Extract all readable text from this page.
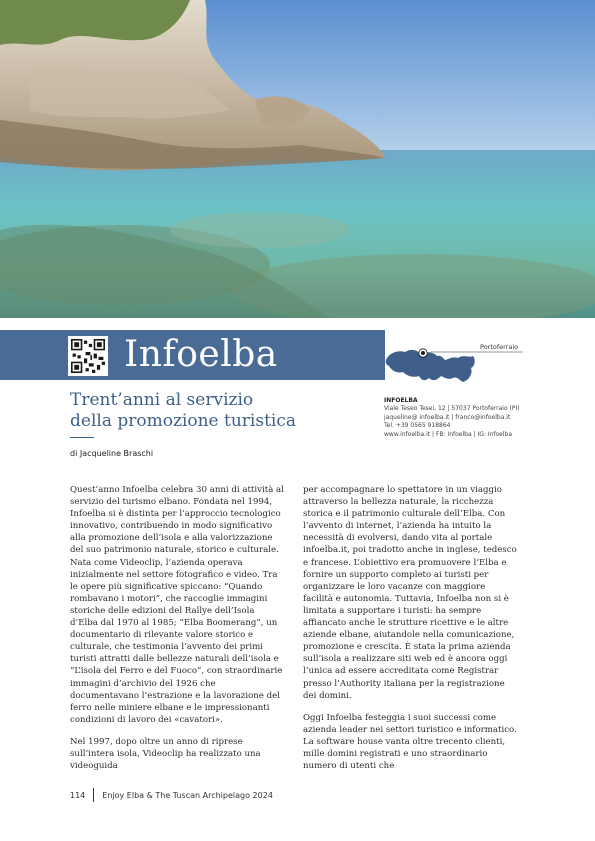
Infoelba
Trent’anni al servizio
della promozione turistica
di Jacqueline Braschi
Portoferraio
INFOELBA
Viale Teseo Tesei, 12 | 57037 Portoferraio (PI)
jaqueline@ infoelba.it | franco@infoelba.it
Tel. +39 0565 918864
www.infoelba.it | FB: Infoelba | IG: Infoelba

Quest’anno Infoelba celebra 30 anni di attività al servizio del turismo elbano. Fondata nel 1994, Infoelba si è distinta per l’approccio tecnologico innovativo, contribuendo in modo significativo alla promozione dell’isola e alla valorizzazione del suo patrimonio naturale, storico e culturale. Nata come Videoclip, l’azienda operava inizialmente nel settore fotografico e video. Tra le opere più significative spiccano: “Quando rombavano i motori”, che raccoglie immagini storiche delle edizioni del Rallye dell’Isola d’Elba dal 1970 al 1985; “Elba Boomerang”, un documentario di rilevante valore storico e culturale, che testimonia l’avvento dei primi turisti attratti dalle bellezze naturali dell’isola e “L’isola del Ferro e del Fuoco”, con straordinarie immagini d’archivio del 1926 che documentavano l’estrazione e la lavorazione del ferro nelle miniere elbane e le impressionanti condizioni di lavoro dei «cavatori».

Nel 1997, dopo oltre un anno di riprese sull’intera isola, Videoclip ha realizzato una videoguida

per accompagnare lo spettatore in un viaggio attraverso la bellezza naturale, la ricchezza storica e il patrimonio culturale dell’Elba. Con l’avvento di internet, l’azienda ha intuito la necessità di evolversi, dando vita al portale infoelba.it, poi tradotto anche in inglese, tedesco e francese. L’obiettivo era promuovere l’Elba e fornire un supporto completo ai turisti per organizzare le loro vacanze con maggiore facilità e autonomia. Tuttavia, Infoelba non si è limitata a supportare i turisti: ha sempre affiancato anche le strutture ricettive e le altre aziende elbane, aiutandole nella comunicazione, promozione e crescita. È stata la prima azienda sull’isola a realizzare siti web ed è ancora oggi l’unica ad essere accreditata come Registrar presso l’Authority italiana per la registrazione dei domini.

Oggi Infoelba festeggia i suoi successi come azienda leader nei settori turistico e informatico. La software house vanta oltre trecento clienti, mille domini registrati e uno straordinario numero di utenti che

114 Enjoy Elba & The Tuscan Archipelago 2024
